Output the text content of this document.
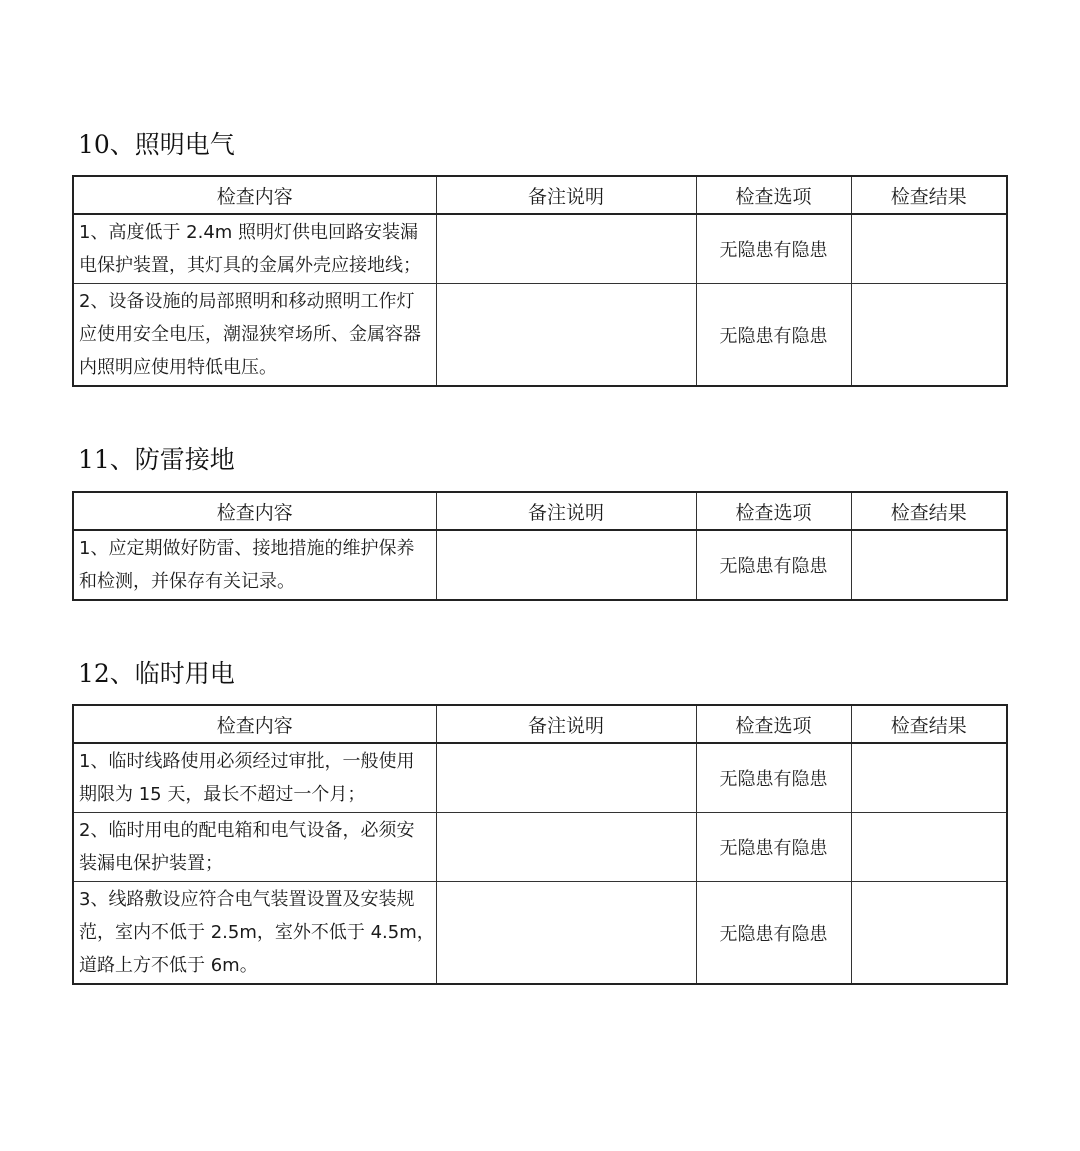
10、照明电气
检查内容	备注说明	检查选项	检查结果

1、高度低于 2.4m 照明灯供电回路安装漏
电保护装置，其灯具的金属外壳应接地线；		无隐患有隐患	

2、设备设施的局部照明和移动照明工作灯
应使用安全电压，潮湿狭窄场所、金属容器
内照明应使用特低电压。		无隐患有隐患	
11、防雷接地
检查内容	备注说明	检查选项	检查结果

1、应定期做好防雷、接地措施的维护保养
和检测，并保存有关记录。		无隐患有隐患	
12、临时用电
检查内容	备注说明	检查选项	检查结果

1、临时线路使用必须经过审批，一般使用
期限为 15 天，最长不超过一个月；		无隐患有隐患	

2、临时用电的配电箱和电气设备，必须安
装漏电保护装置；		无隐患有隐患	

3、线路敷设应符合电气装置设置及安装规
范，室内不低于 2.5m，室外不低于 4.5m，
道路上方不低于 6m。		无隐患有隐患	
